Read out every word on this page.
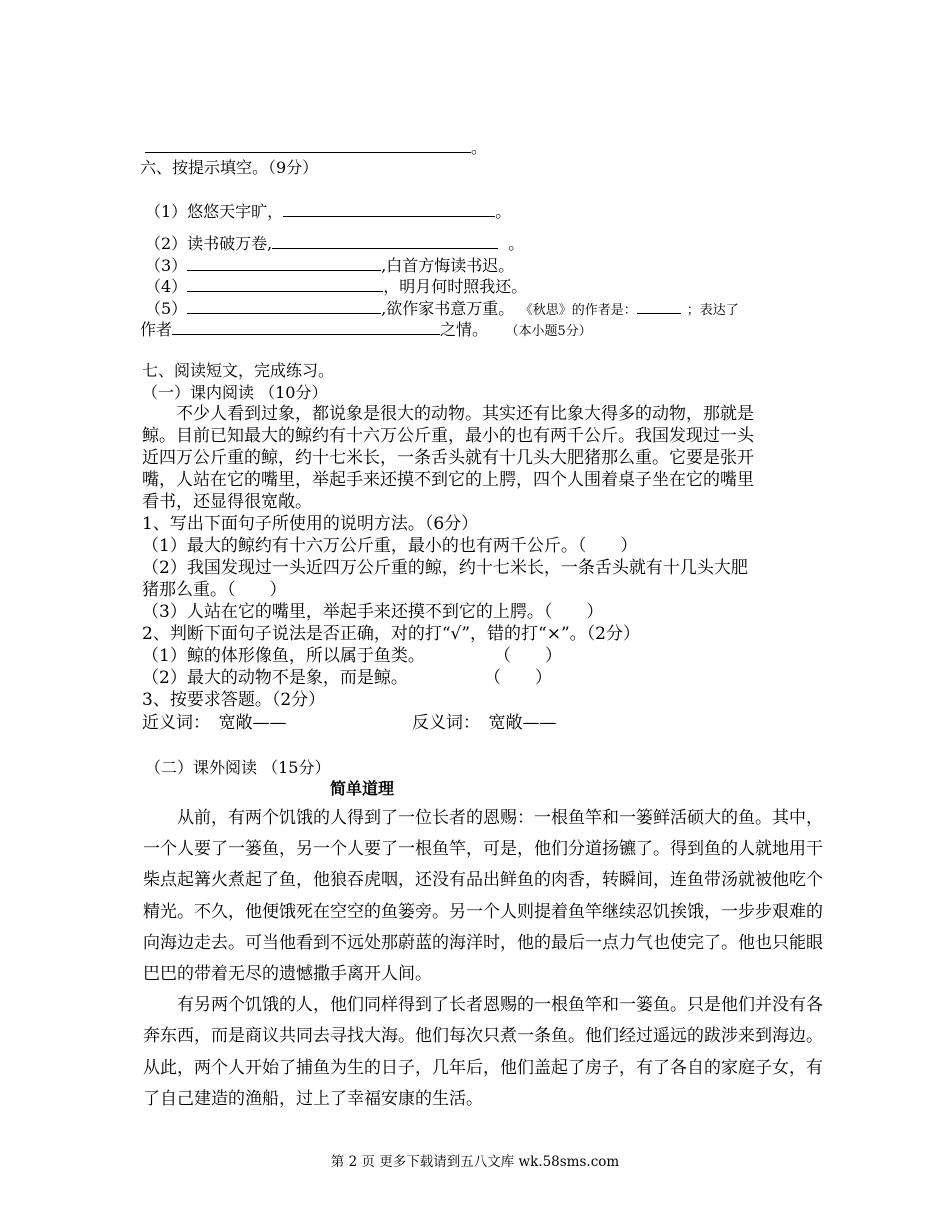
。
六、按提示填空。（9分）
（1）悠悠天宇旷，	。
（2）读书破万卷,	。
（3）	,白首方悔读书迟。
（4）	，明月何时照我还。
（5）	,欲作家书意万重。 《秋思》的作者是：	；表达了
作者	之情。 （本小题5分）
七、阅读短文，完成练习。
（一）课内阅读 （10分）
不少人看到过象，都说象是很大的动物。其实还有比象大得多的动物，那就是
鲸。目前已知最大的鲸约有十六万公斤重，最小的也有两千公斤。我国发现过一头
近四万公斤重的鲸，约十七米长，一条舌头就有十几头大肥猪那么重。它要是张开
嘴，人站在它的嘴里，举起手来还摸不到它的上腭，四个人围着桌子坐在它的嘴里
看书，还显得很宽敞。
1、写出下面句子所使用的说明方法。（6分）
（1）最大的鲸约有十六万公斤重，最小的也有两千公斤。（　　）
（2）我国发现过一头近四万公斤重的鲸，约十七米长，一条舌头就有十几头大肥
猪那么重。（　　）
（3）人站在它的嘴里，举起手来还摸不到它的上腭。（　　）
2、判断下面句子说法是否正确，对的打“√”，错的打“×”。（2分）
（1）鲸的体形像鱼，所以属于鱼类。	（　　）
（2）最大的动物不是象，而是鲸。	（　　）
3、按要求答题。（2分）
近义词：　宽敞——	反义词：　宽敞——
（二）课外阅读 （15分）
简单道理

从前，有两个饥饿的人得到了一位长者的恩赐：一根鱼竿和一篓鲜活硕大的鱼。其中，一个人要了一篓鱼，另一个人要了一根鱼竿，可是，他们分道扬镳了。得到鱼的人就地用干柴点起篝火煮起了鱼，他狼吞虎咽，还没有品出鲜鱼的肉香，转瞬间，连鱼带汤就被他吃个精光。不久，他便饿死在空空的鱼篓旁。另一个人则提着鱼竿继续忍饥挨饿，一步步艰难的向海边走去。可当他看到不远处那蔚蓝的海洋时，他的最后一点力气也使完了。他也只能眼巴巴的带着无尽的遗憾撒手离开人间。

有另两个饥饿的人，他们同样得到了长者恩赐的一根鱼竿和一篓鱼。只是他们并没有各奔东西，而是商议共同去寻找大海。他们每次只煮一条鱼。他们经过遥远的跋涉来到海边。从此，两个人开始了捕鱼为生的日子，几年后，他们盖起了房子，有了各自的家庭子女，有了自己建造的渔船，过上了幸福安康的生活。

第 2 页 更多下载请到五八文库 wk.58sms.com
